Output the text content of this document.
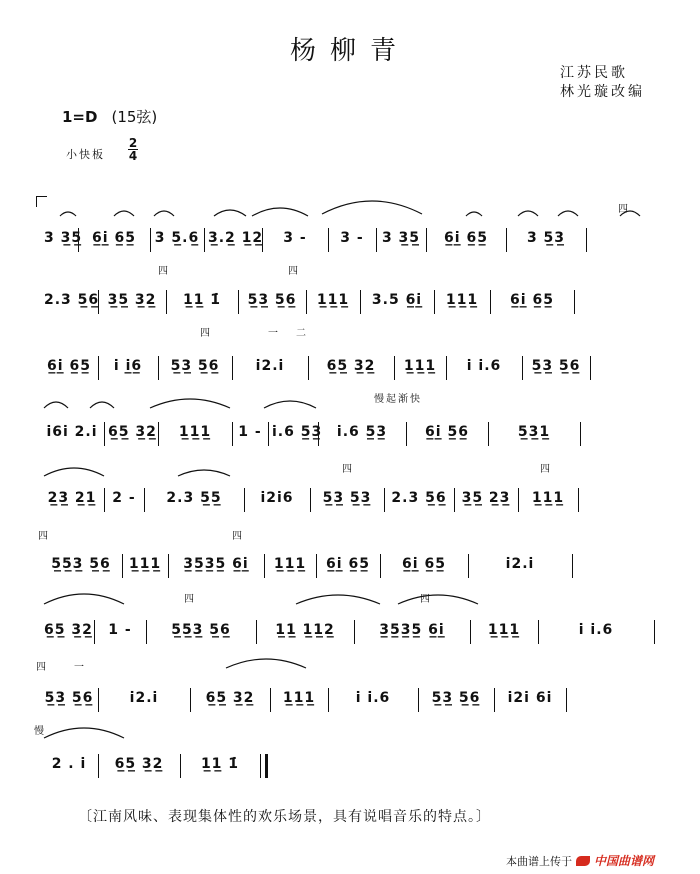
杨柳青
江苏民歌
林光璇改编
1=D (15弦)
小快板
2
4
3 3̲5̲ 6̲i̲̇ 6̲5̲	3 5̲.6̲ 3̲.2̲ 1̲2̲	3 -	3 -	3 3̲5̲	6̲i̲̇ 6̲5̲	3 5̲3̲
2.3 5̲6̲ 3̲5̲ 3̲2̲	1̲1̲ 1̇	5̲3̲ 5̲6̲	1̲1̲1̲	3.5 6̲i̲̇	1̲1̲1̲	6̲i̲̇ 6̲5̲
6̲i̲̇ 6̲5̲	i̇ i̲̇6̲	5̲3̲ 5̲6̲	i̇2.i̇	6̲5̲ 3̲2̲	1̲1̲1̲	i̇ i̇.6	5̲3̲ 5̲6̲
i̇6i̇ 2.i̇ 6̲5̲ 3̲2̲	1̲1̲1̲	1 - i̇.6 5̲3̲	i̇.6 5̲3̲	6̲i̲̇ 5̲6̲	5̲3̲1̲
2̲3̲ 2̲1̲	2 -	2.3 5̲5̲	i̇2i̇6	5̲3̲ 5̲3̲	2.3 5̲6̲ 3̲5̲ 2̲3̲	1̲1̲1̲
5̲5̲3̲ 5̲6̲	1̲1̲1̲	3̲5̲3̲5̲ 6̲i̲̇	1̲1̲1̲	6̲i̲̇ 6̲5̲	6̲i̲̇ 6̲5̲	i̇2.i̇
6̲5̲ 3̲2̲	1 -	5̲5̲3̲ 5̲6̲	1̲1̲ 1̲1̲2̲	3̲5̲3̲5̲ 6̲i̲̇	1̲1̲1̲	i̇ i̇.6
5̲3̲ 5̲6̲	i̇2.i̇	6̲5̲ 3̲2̲	1̲1̲1̲	i̇ i̇.6	5̲3̲ 5̲6̲	i̇2i̇ 6i̇
2 . i̇	6̲5̲ 3̲2̲	1̲1̲ 1̇
四
四	四
四	一 二
慢起渐快
四	四
四	四
四	四
四	一
慢
〔江南风味、表现集体性的欢乐场景，具有说唱音乐的特点。〕
本曲谱上传于 中国曲谱网
